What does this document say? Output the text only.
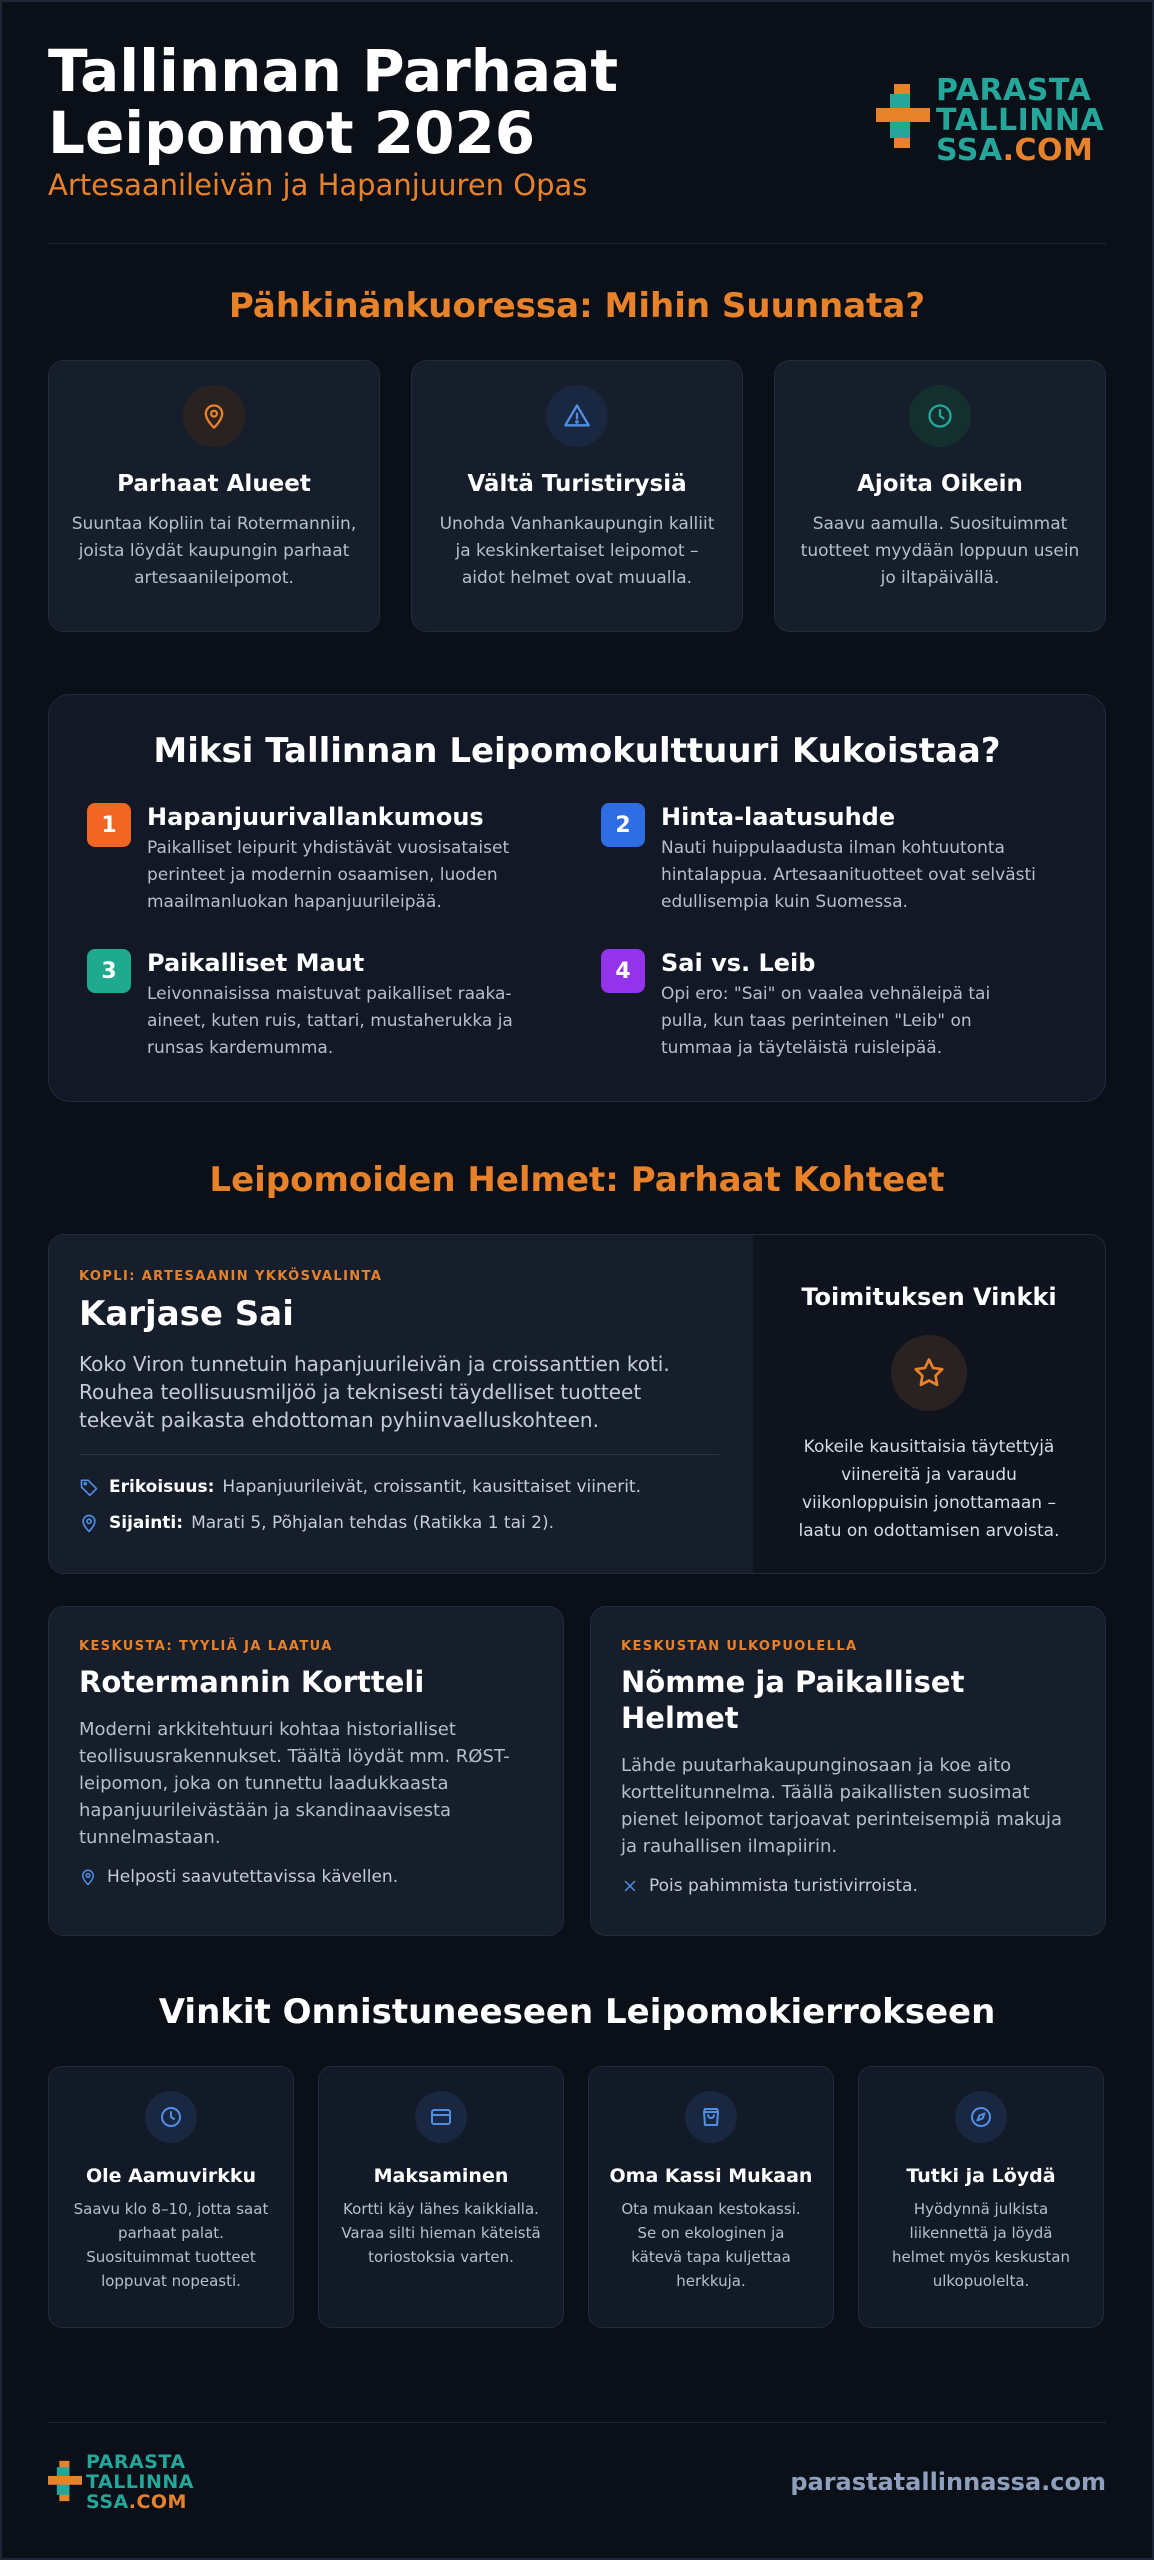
Tallinnan Parhaat
Leipomot 2026
Artesaanileivän ja Hapanjuuren Opas
PARASTA
TALLINNA
SSA.COM
Pähkinänkuoressa: Mihin Suunnata?
Parhaat Alueet

Suuntaa Kopliin tai Rotermanniin, joista löydät kaupungin parhaat artesaanileipomot.

Vältä Turistirysiä

Unohda Vanhankaupungin kalliit ja keskinkertaiset leipomot – aidot helmet ovat muualla.

Ajoita Oikein

Saavu aamulla. Suosituimmat tuotteet myydään loppuun usein jo iltapäivällä.

Miksi Tallinnan Leipomokulttuuri Kukoistaa?
1	Hapanjuurivallankumous

Paikalliset leipurit yhdistävät vuosisataiset perinteet ja modernin osaamisen, luoden maailmanluokan hapanjuurileipää.

2	Hinta-laatusuhde

Nauti huippulaadusta ilman kohtuutonta hintalappua. Artesaanituotteet ovat selvästi edullisempia kuin Suomessa.

3	Paikalliset Maut

Leivonnaisissa maistuvat paikalliset raaka-aineet, kuten ruis, tattari, mustaherukka ja runsas kardemumma.

4	Sai vs. Leib

Opi ero: "Sai" on vaalea vehnäleipä tai pulla, kun taas perinteinen "Leib" on tummaa ja täyteläistä ruisleipää.

Leipomoiden Helmet: Parhaat Kohteet
KOPLI: ARTESAANIN YKKÖSVALINTA
Karjase Sai
Koko Viron tunnetuin hapanjuurileivän ja croissanttien koti. Rouhea teollisuusmiljöö ja teknisesti täydelliset tuotteet tekevät paikasta ehdottoman pyhiinvaelluskohteen.
Erikoisuus: Hapanjuurileivät, croissantit, kausittaiset viinerit.
Sijainti: Marati 5, Põhjalan tehdas (Ratikka 1 tai 2).
Toimituksen Vinkki

Kokeile kausittaisia täytettyjä viinereitä ja varaudu viikonloppuisin jonottamaan – laatu on odottamisen arvoista.

KESKUSTA: TYYLIÄ JA LAATUA
Rotermannin Kortteli
Moderni arkkitehtuuri kohtaa historialliset teollisuusrakennukset. Täältä löydät mm. RØST-leipomon, joka on tunnettu laadukkaasta hapanjuurileivästään ja skandinaavisesta tunnelmastaan.
Helposti saavutettavissa kävellen.
KESKUSTAN ULKOPUOLELLA
Nõmme ja Paikalliset Helmet
Lähde puutarhakaupunginosaan ja koe aito korttelitunnelma. Täällä paikallisten suosimat pienet leipomot tarjoavat perinteisempiä makuja ja rauhallisen ilmapiirin.
Pois pahimmista turistivirroista.
Vinkit Onnistuneeseen Leipomokierrokseen
Ole Aamuvirkku

Saavu klo 8–10, jotta saat parhaat palat. Suosituimmat tuotteet loppuvat nopeasti.

Maksaminen

Kortti käy lähes kaikkialla. Varaa silti hieman käteistä toriostoksia varten.

Oma Kassi Mukaan

Ota mukaan kestokassi. Se on ekologinen ja kätevä tapa kuljettaa herkkuja.

Tutki ja Löydä

Hyödynnä julkista liikennettä ja löydä helmet myös keskustan ulkopuolelta.

PARASTA
TALLINNA
SSA.COM
parastatallinnassa.com
